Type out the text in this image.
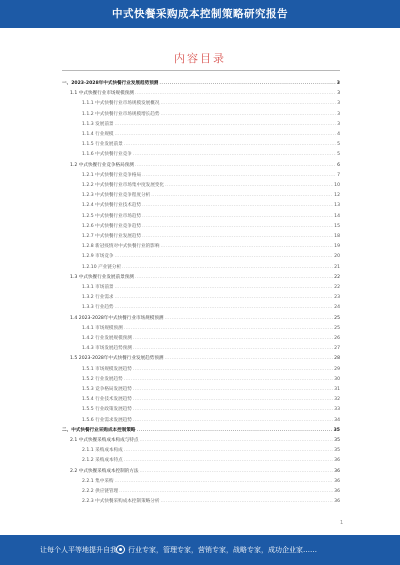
中式快餐采购成本控制策略研究报告
内容目录
一、2023-2028年中式快餐行业发展趋势预测 .....	3
1.1 中式快餐行业市场规模预测 .....	3
1.1.1 中式快餐行业市场规模发展概况 .....	3
1.1.2 中式快餐行业市场规模增长趋势 .....	3
1.1.3 发展前景 .....	3
1.1.4 行业规模 .....	4
1.1.5 行业发展前景 .....	5
1.1.6 中式快餐行业竞争 .....	5
1.2 中式快餐行业竞争格局预测 .....	6
1.2.1 中式快餐行业竞争格局 .....	7
1.2.2 中式快餐行业市场集中度发展变化 .....	10
1.2.3 中式快餐行业竞争程度分析 .....	12
1.2.4 中式快餐行业技术趋势 .....	13
1.2.5 中式快餐行业市场趋势 .....	14
1.2.6 中式快餐行业竞争趋势 .....	15
1.2.7 中式快餐行业发展趋势 .....	18
1.2.8 新冠疫情对中式快餐行业的影响 .....	19
1.2.9 市场竞争 .....	20
1.2.10 产业链分析 .....	21
1.3 中式快餐行业发展前景预测 .....	22
1.3.1 市场前景 .....	22
1.3.2 行业需求 .....	23
1.3.3 行业趋势 .....	24
1.4 2023-2028年中式快餐行业市场规模预测 .....	25
1.4.1 市场规模预测 .....	25
1.4.2 行业发展规模预测 .....	26
1.4.3 市场发展趋势预测 .....	27
1.5 2023-2028年中式快餐行业发展趋势预测 .....	28
1.5.1 市场规模发展趋势 .....	29
1.5.2 行业发展趋势 .....	30
1.5.3 竞争格局发展趋势 .....	31
1.5.4 行业技术发展趋势 .....	32
1.5.5 行业政策发展趋势 .....	33
1.5.6 行业需求发展趋势 .....	34
二、中式快餐行业采购成本控制策略 .....	35
2.1 中式快餐采购成本构成与特点 .....	35
2.1.1 采购成本构成 .....	35
2.1.2 采购成本特点 .....	36
2.2 中式快餐采购成本控制的方法 .....	36
2.2.1 集中采购 .....	36
2.2.2 供应链管理 .....	36
2.2.3 中式快餐采购成本控制策略分析 .....	36
1
让每个人平等地提升自我 行业专家，管理专家，营销专家，战略专家，成功企业家……
